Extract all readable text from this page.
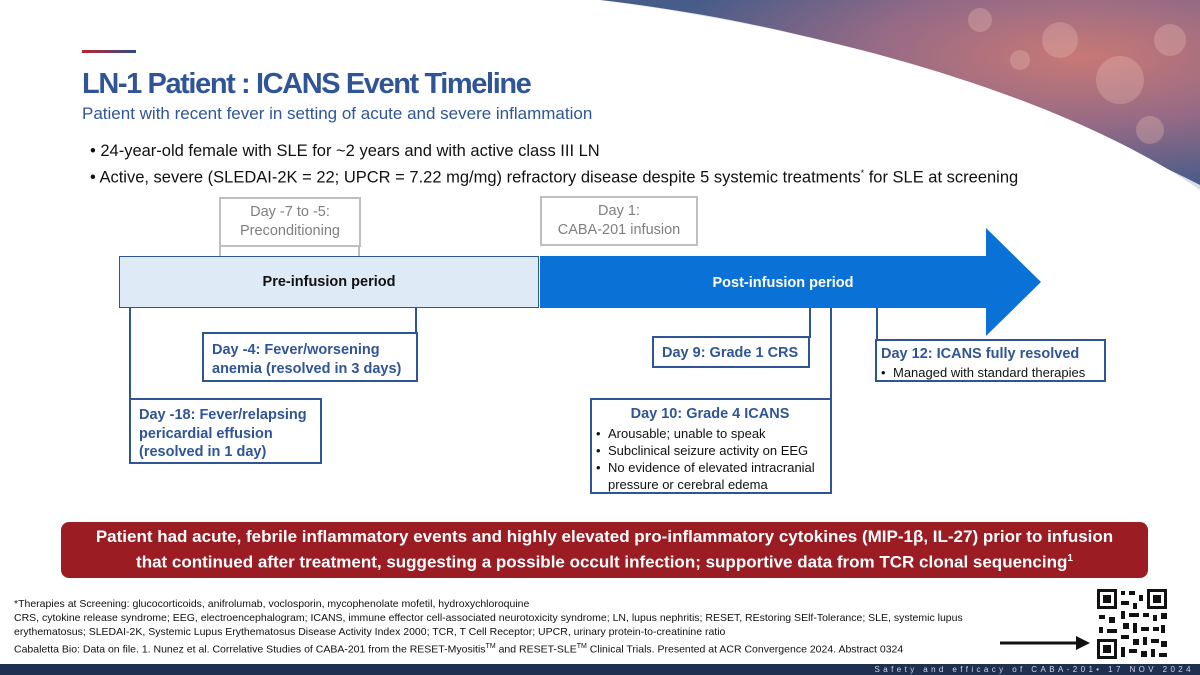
LN-1 Patient : ICANS Event Timeline
Patient with recent fever in setting of acute and severe inflammation
• 24-year-old female with SLE for ~2 years and with active class III LN
• Active, severe (SLEDAI-2K = 22; UPCR = 7.22 mg/mg) refractory disease despite 5 systemic treatments* for SLE at screening
Day -7 to -5:
Preconditioning
Day 1:
CABA-201 infusion
Pre-infusion period	Post-infusion period
Day -4: Fever/worsening
anemia (resolved in 3 days)
Day -18: Fever/relapsing
pericardial effusion
(resolved in 1 day)
Day 9: Grade 1 CRS
Day 10: Grade 4 ICANS
• Arousable; unable to speak
• Subclinical seizure activity on EEG
• No evidence of elevated intracranial pressure or cerebral edema
Day 12: ICANS fully resolved
• Managed with standard therapies
Patient had acute, febrile inflammatory events and highly elevated pro-inflammatory cytokines (MIP-1β, IL-27) prior to infusion
that continued after treatment, suggesting a possible occult infection; supportive data from TCR clonal sequencing$^1$
*Therapies at Screening: glucocorticoids, anifrolumab, voclosporin, mycophenolate mofetil, hydroxychloroquine
CRS, cytokine release syndrome; EEG, electroencephalogram; ICANS, immune effector cell-associated neurotoxicity syndrome; LN, lupus nephritis; RESET, REstoring SElf-Tolerance; SLE, systemic lupus
erythematosus; SLEDAI-2K, Systemic Lupus Erythematosus Disease Activity Index 2000; TCR, T Cell Receptor; UPCR, urinary protein-to-creatinine ratio
Cabaletta Bio: Data on file. 1. Nunez et al. Correlative Studies of CABA-201 from the RESET-Myositis™ and RESET-SLE™ Clinical Trials. Presented at ACR Convergence 2024. Abstract 0324
Safety and efficacy of CABA-201• 17 NOV 2024
